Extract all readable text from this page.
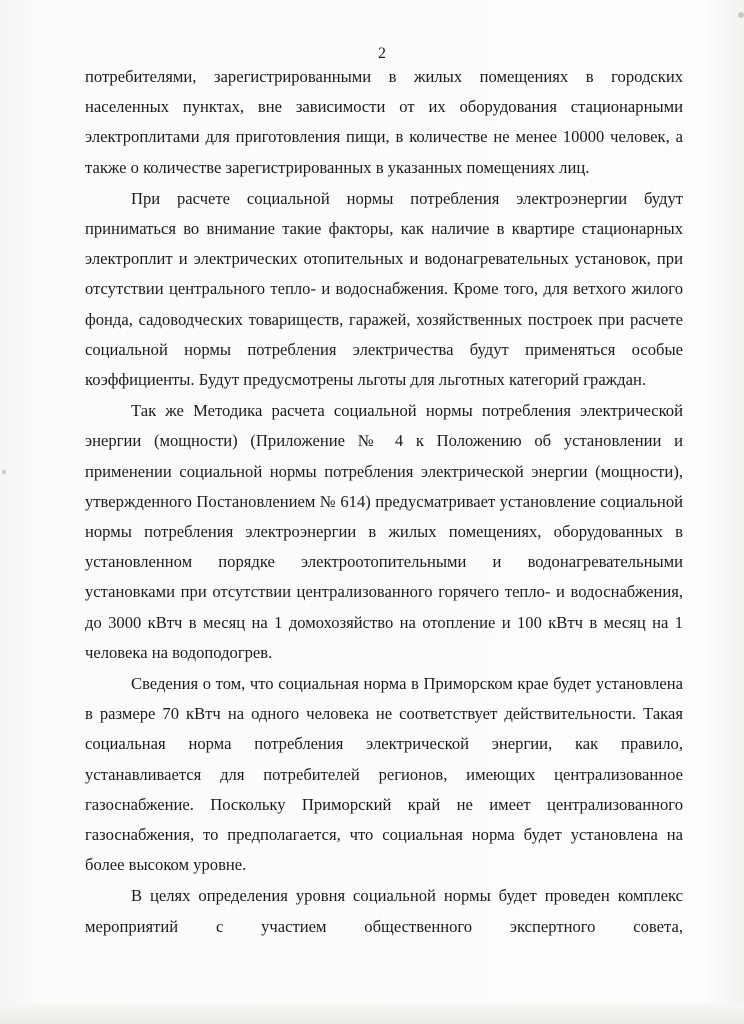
2

потребителями, зарегистрированными в жилых помещениях в городских населенных пунктах, вне зависимости от их оборудования стационарными электроплитами для приготовления пищи, в количестве не менее 10000 человек, а также о количестве зарегистрированных в указанных помещениях лиц.

При расчете социальной нормы потребления электроэнергии будут приниматься во внимание такие факторы, как наличие в квартире стационарных электроплит и электрических отопительных и водонагревательных установок, при отсутствии центрального тепло- и водоснабжения. Кроме того, для ветхого жилого фонда, садоводческих товариществ, гаражей, хозяйственных построек при расчете социальной нормы потребления электричества будут применяться особые коэффициенты. Будут предусмотрены льготы для льготных категорий граждан.

Так же Методика расчета социальной нормы потребления электрической энергии (мощности) (Приложение № 4 к Положению об установлении и применении социальной нормы потребления электрической энергии (мощности), утвержденного Постановлением № 614) предусматривает установление социальной нормы потребления электроэнергии в жилых помещениях, оборудованных в установленном порядке электроотопительными и водонагревательными установками при отсутствии централизованного горячего тепло- и водоснабжения, до 3000 кВтч в месяц на 1 домохозяйство на отопление и 100 кВтч в месяц на 1 человека на водоподогрев.

Сведения о том, что социальная норма в Приморском крае будет установлена в размере 70 кВтч на одного человека не соответствует действительности. Такая социальная норма потребления электрической энергии, как правило, устанавливается для потребителей регионов, имеющих централизованное газоснабжение. Поскольку Приморский край не имеет централизованного газоснабжения, то предполагается, что социальная норма будет установлена на более высоком уровне.

В целях определения уровня социальной нормы будет проведен комплекс мероприятий с участием общественного экспертного совета,
